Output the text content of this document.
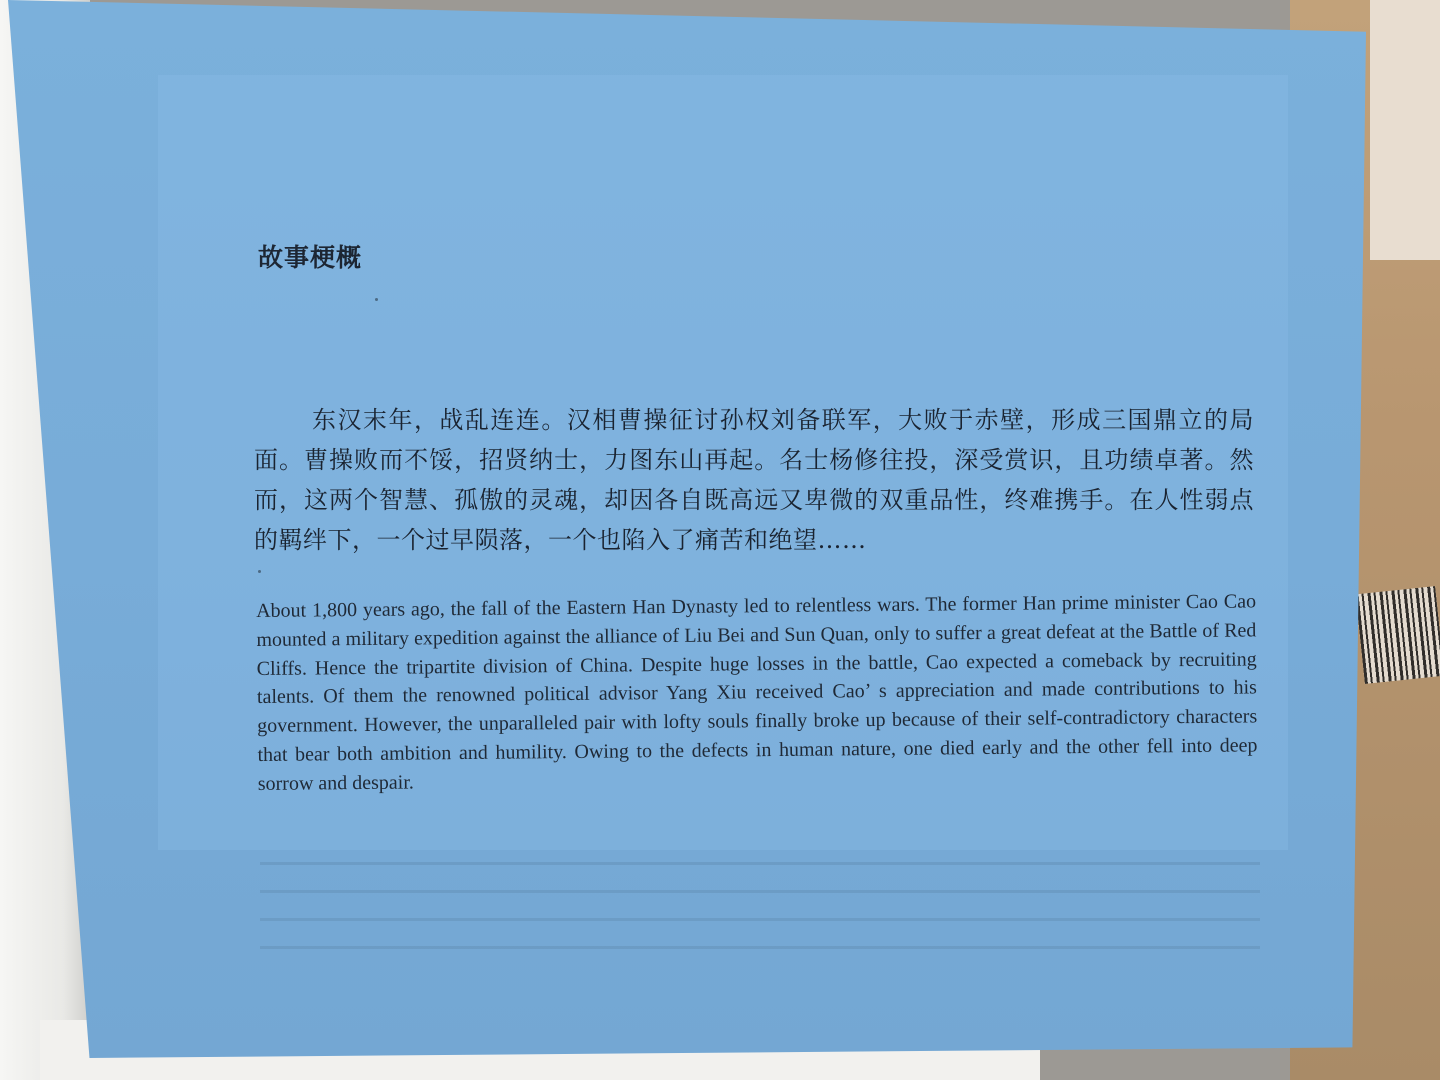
故事梗概

东汉末年，战乱连连。汉相曹操征讨孙权刘备联军，大败于赤壁，形成三国鼎立的局面。曹操败而不馁，招贤纳士，力图东山再起。名士杨修往投，深受赏识，且功绩卓著。然而，这两个智慧、孤傲的灵魂，却因各自既高远又卑微的双重品性，终难携手。在人性弱点的羁绊下，一个过早陨落，一个也陷入了痛苦和绝望……

About 1,800 years ago, the fall of the Eastern Han Dynasty led to relentless wars. The former Han prime minister Cao Cao mounted a military expedition against the alliance of Liu Bei and Sun Quan, only to suffer a great defeat at the Battle of Red Cliffs. Hence the tripartite division of China. Despite huge losses in the battle, Cao expected a comeback by recruiting talents. Of them the renowned political advisor Yang Xiu received Cao’ s appreciation and made contributions to his government. However, the unparalleled pair with lofty souls finally broke up because of their self-contradictory characters that bear both ambition and humility. Owing to the defects in human nature, one died early and the other fell into deep sorrow and despair.
